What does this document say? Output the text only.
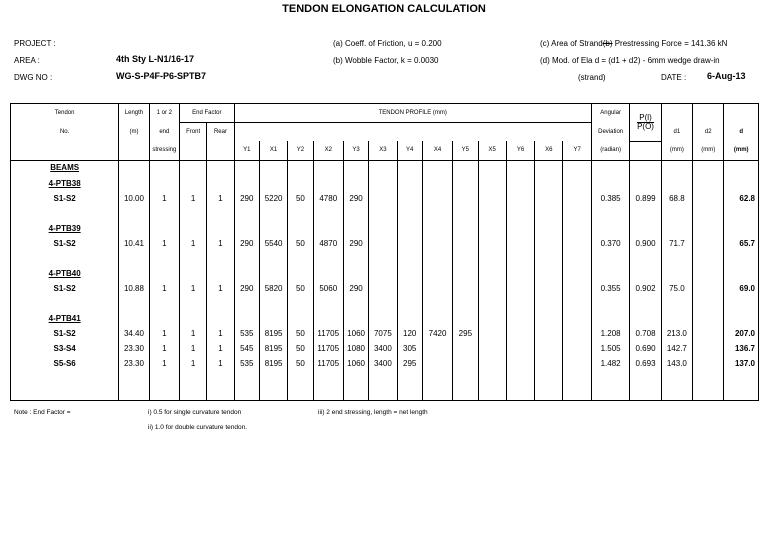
TENDON ELONGATION CALCULATION
PROJECT :
AREA :	4th Sty L-N1/16-17
DWG NO :	WG-S-P4F-P6-SPTB7
(a) Coeff. of Friction, u = 0.200
(b) Wobble Factor, k = 0.0030
(c) Area of Strand(b) Prestressing Force = 141.36 kN
(d) Mod. of Ela d = (d1 + d2) - 6mm wedge draw-in
(strand)	DATE : 6-Aug-13
Tendon	Length	1 or 2	End Factor		TENDON PROFILE (mm)													Angular	$\frac{P(l)}{P(O)}$			
No.	(m)	end	Front	Rear														Deviation		d1	d2	d
		stressing			Y1	X1	Y2	X2	Y3	X3	Y4	X4	Y5	X5	Y6	X6	Y7	(radian)		(mm)	(mm)	(mm)
BEAMS																						
4-PTB38																						
S1-S2	10.00	1	1	1	290	5220	50	4780	290									0.385	0.899	68.8		62.8

4-PTB39																						
S1-S2	10.41	1	1	1	290	5540	50	4870	290									0.370	0.900	71.7		65.7

4-PTB40																						
S1-S2	10.88	1	1	1	290	5820	50	5060	290									0.355	0.902	75.0		69.0

4-PTB41																						
S1-S2	34.40	1	1	1	535	8195	50	11705	1060	7075	120	7420	295					1.208	0.708	213.0		207.0
S3-S4	23.30	1	1	1	545	8195	50	11705	1080	3400	305							1.505	0.690	142.7		136.7
S5-S6	23.30	1	1	1	535	8195	50	11705	1060	3400	295							1.482	0.693	143.0		137.0

Note : End Factor =	i) 0.5 for single curvature tendon
ii) 1.0 for double curvature tendon.
iii) 2 end stressing, length = net length
